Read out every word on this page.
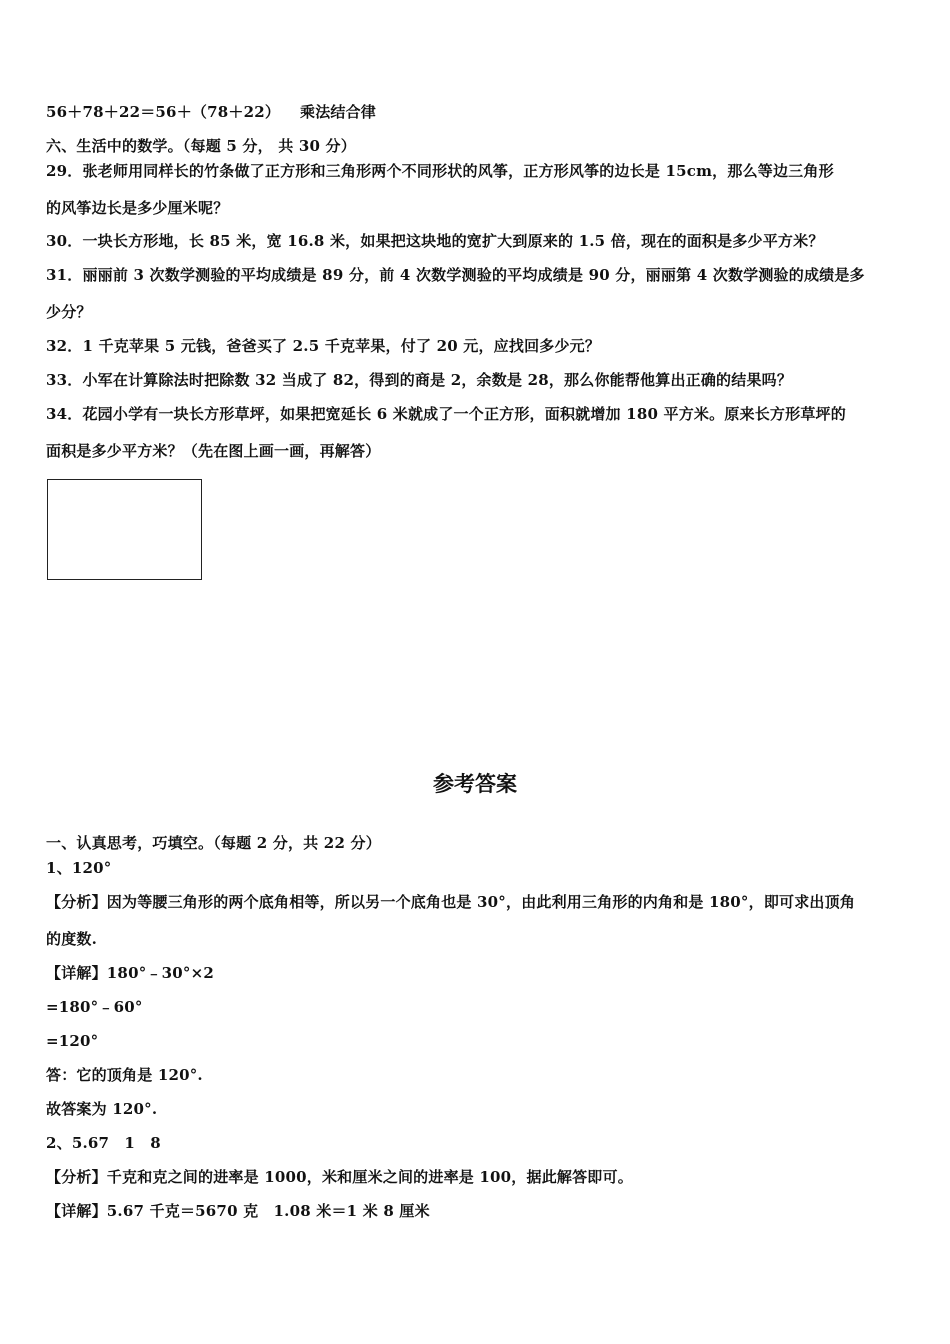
56＋78＋22＝56＋（78＋22） 乘法结合律
六、生活中的数学。（每题 5 分， 共 30 分）
29．张老师用同样长的竹条做了正方形和三角形两个不同形状的风筝，正方形风筝的边长是 15cm，那么等边三角形
的风筝边长是多少厘米呢？
30．一块长方形地，长 85 米，宽 16.8 米，如果把这块地的宽扩大到原来的 1.5 倍，现在的面积是多少平方米？
31．丽丽前 3 次数学测验的平均成绩是 89 分，前 4 次数学测验的平均成绩是 90 分，丽丽第 4 次数学测验的成绩是多
少分？
32．1 千克苹果 5 元钱，爸爸买了 2.5 千克苹果，付了 20 元，应找回多少元？
33．小军在计算除法时把除数 32 当成了 82，得到的商是 2，余数是 28，那么你能帮他算出正确的结果吗？
34．花园小学有一块长方形草坪，如果把宽延长 6 米就成了一个正方形，面积就增加 180 平方米。原来长方形草坪的
面积是多少平方米？（先在图上画一画，再解答）
参考答案
一、认真思考，巧填空。（每题 2 分，共 22 分）
1、120°
【分析】因为等腰三角形的两个底角相等，所以另一个底角也是 30°，由此利用三角形的内角和是 180°，即可求出顶角
的度数.
【详解】180°﹣30°×2
=180°﹣60°
=120°
答：它的顶角是 120°.
故答案为 120°.
2、5.67　1　8
【分析】千克和克之间的进率是 1000，米和厘米之间的进率是 100，据此解答即可。
【详解】5.67 千克＝5670 克　1.08 米＝1 米 8 厘米
